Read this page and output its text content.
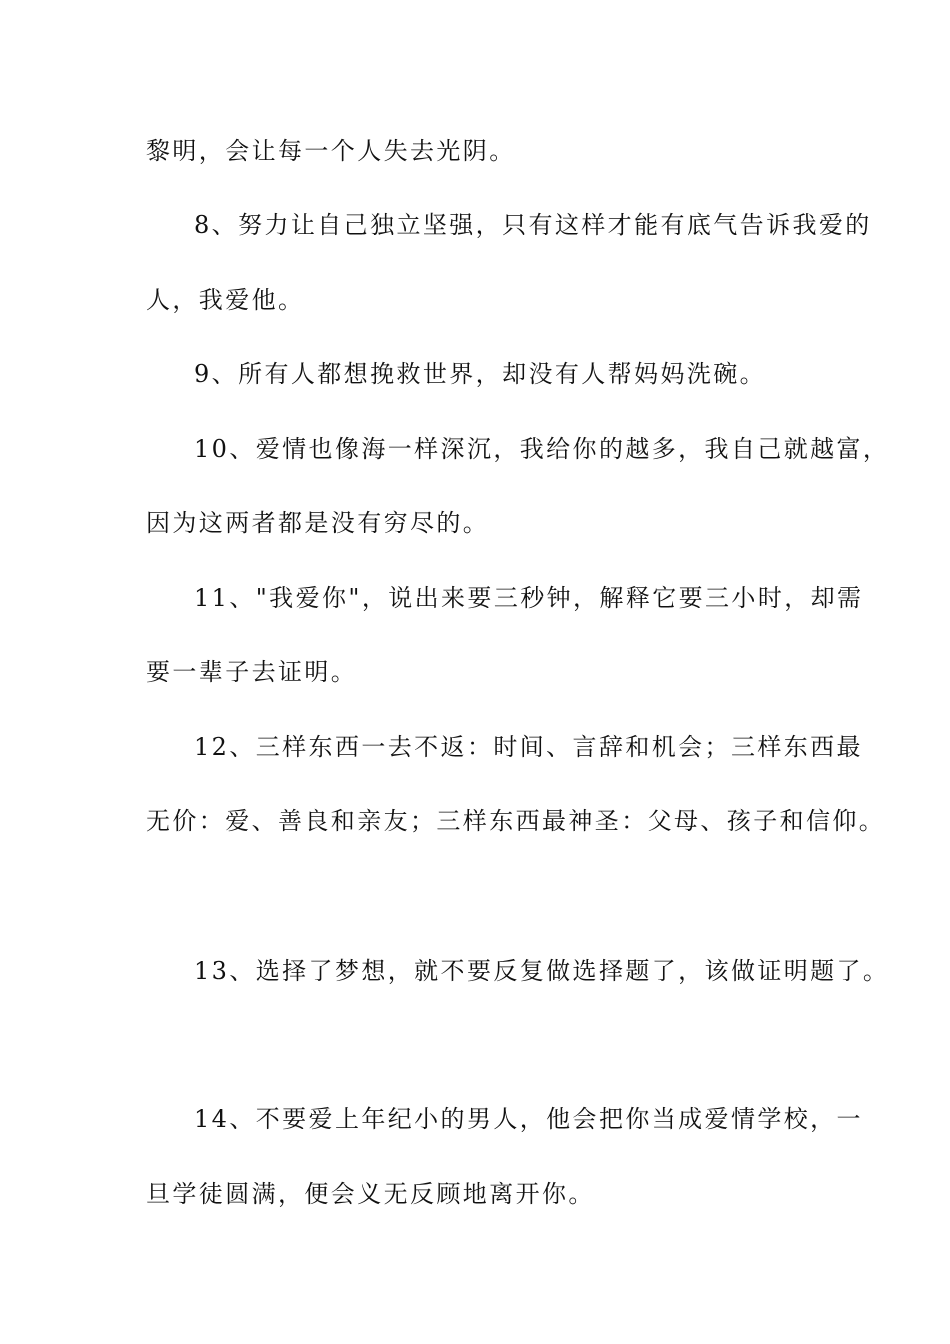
黎明，会让每一个人失去光阴。
8、努力让自己独立坚强，只有这样才能有底气告诉我爱的
人，我爱他。
9、所有人都想挽救世界，却没有人帮妈妈洗碗。
10、爱情也像海一样深沉，我给你的越多，我自己就越富，
因为这两者都是没有穷尽的。
11、"我爱你"，说出来要三秒钟，解释它要三小时，却需
要一辈子去证明。
12、三样东西一去不返：时间、言辞和机会；三样东西最
无价：爱、善良和亲友；三样东西最神圣：父母、孩子和信仰。
13、选择了梦想，就不要反复做选择题了，该做证明题了。
14、不要爱上年纪小的男人，他会把你当成爱情学校，一
旦学徒圆满，便会义无反顾地离开你。
